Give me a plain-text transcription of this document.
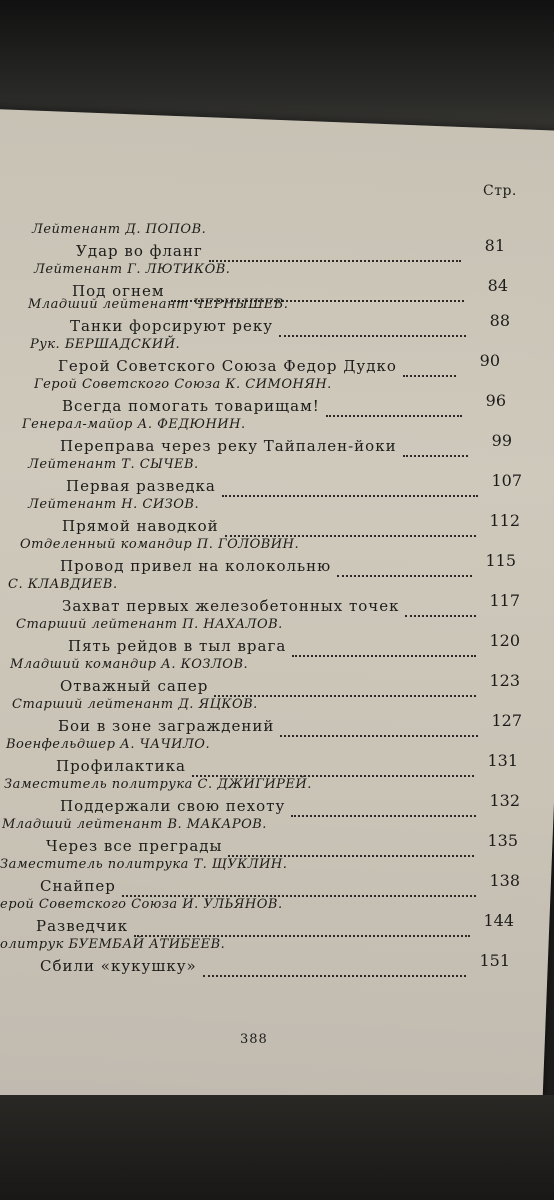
Стр.
Лейтенант Д. ПОПОВ.
Удар во фланг	81
Лейтенант Г. ЛЮТИКОВ.
Под огнем	84
Младший лейтенант ЧЕРНЫШЕВ.
Танки форсируют реку	88
Рук. БЕРШАДСКИЙ.
Герой Советского Союза Федор Дудко	90
Герой Советского Союза К. СИМОНЯН.
Всегда помогать товарищам!	96
Генерал-майор А. ФЕДЮНИН.
Переправа через реку Тайпален-йоки	99
Лейтенант Т. СЫЧЕВ.
Первая разведка	107
Лейтенант Н. СИЗОВ.
Прямой наводкой	112
Отделенный командир П. ГОЛОВИН.
Провод привел на колокольню	115
С. КЛАВДИЕВ.
Захват первых железобетонных точек	117
Старший лейтенант П. НАХАЛОВ.
Пять рейдов в тыл врага	120
Младший командир А. КОЗЛОВ.
Отважный сапер	123
Старший лейтенант Д. ЯЦКОВ.
Бои в зоне заграждений	127
Военфельдшер А. ЧАЧИЛО.
Профилактика	131
Заместитель политрука С. ДЖИГИРЕЙ.
Поддержали свою пехоту	132
Младший лейтенант В. МАКАРОВ.
Через все преграды	135
Заместитель политрука Т. ЩУКЛИН.
Снайпер	138
ерой Советского Союза И. УЛЬЯНОВ.
Разведчик	144
олитрук БУЕМБАЙ АТИБЕЕВ.
Сбили «кукушку»	151
388
